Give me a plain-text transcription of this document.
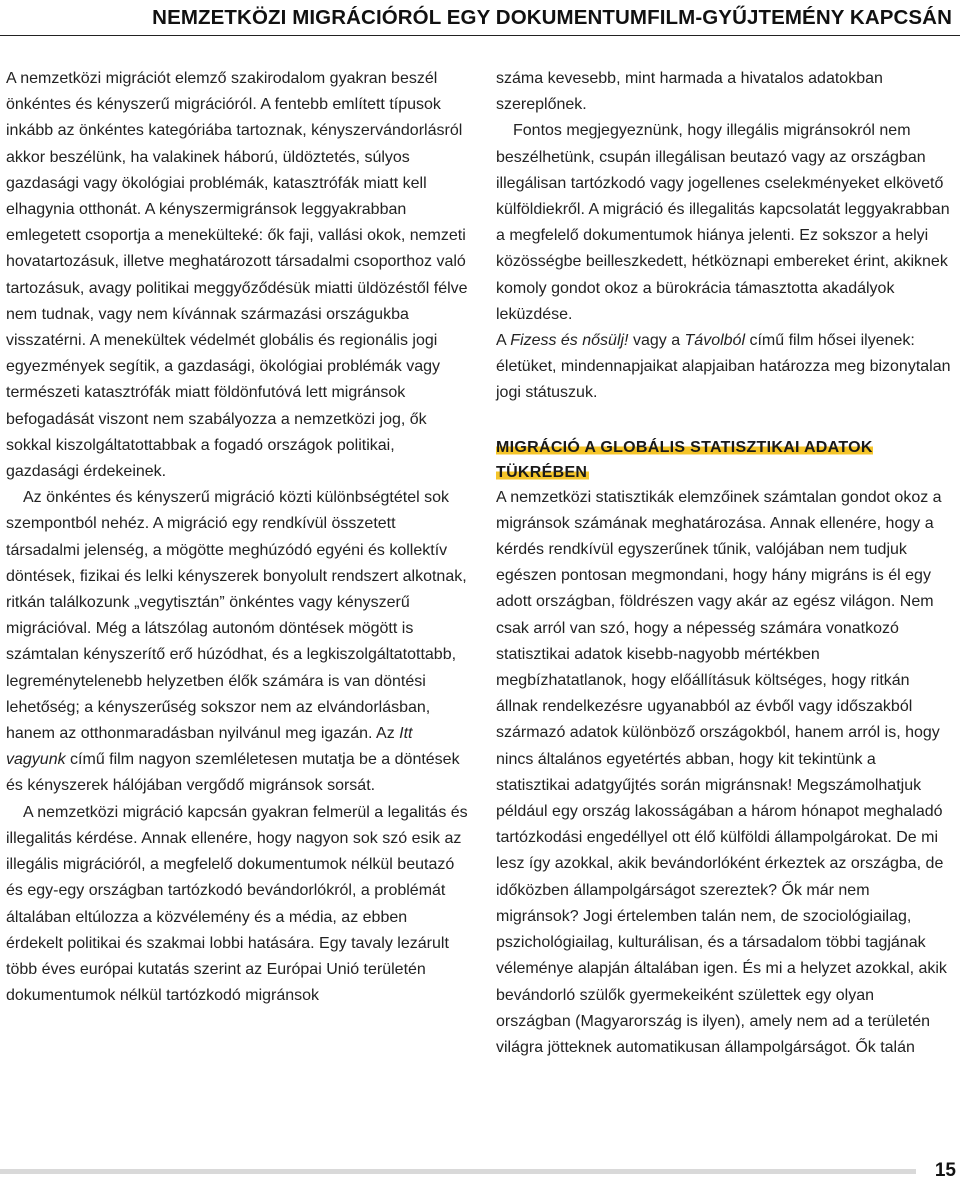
NEMZETKÖZI MIGRÁCIÓRÓL EGY DOKUMENTUMFILM-GYŰJTEMÉNY KAPCSÁN

A nemzetközi migrációt elemző szakirodalom gyakran beszél önkéntes és kényszerű migrációról. A fentebb említett típusok inkább az önkéntes kategóriába tartoznak, kényszervándorlásról akkor beszélünk, ha valakinek háború, üldöztetés, súlyos gazdasági vagy ökológiai problémák, katasztrófák miatt kell elhagynia otthonát. A kényszermigránsok leggyakrabban emlegetett csoportja a menekülteké: ők faji, vallási okok, nemzeti hovatartozásuk, illetve meghatározott társadalmi csoporthoz való tartozásuk, avagy politikai meggyőződésük miatti üldözéstől félve nem tudnak, vagy nem kívánnak származási országukba visszatérni. A menekültek védelmét globális és regionális jogi egyezmények segítik, a gazdasági, ökológiai problémák vagy természeti katasztrófák miatt földönfutóvá lett migránsok befogadását viszont nem szabályozza a nemzetközi jog, ők sokkal kiszolgáltatottabbak a fogadó országok politikai, gazdasági érdekeinek.

Az önkéntes és kényszerű migráció közti különbségtétel sok szempontból nehéz. A migráció egy rendkívül összetett társadalmi jelenség, a mögötte meghúzódó egyéni és kollektív döntések, fizikai és lelki kényszerek bonyolult rendszert alkotnak, ritkán találkozunk „vegytisztán” önkéntes vagy kényszerű migrációval. Még a látszólag autonóm döntések mögött is számtalan kényszerítő erő húzódhat, és a legkiszolgáltatottabb, legreménytelenebb helyzetben élők számára is van döntési lehetőség; a kényszerűség sokszor nem az elvándorlásban, hanem az otthonmaradásban nyilvánul meg igazán. Az Itt vagyunk című film nagyon szemléletesen mutatja be a döntések és kényszerek hálójában vergődő migránsok sorsát.

A nemzetközi migráció kapcsán gyakran felmerül a legalitás és illegalitás kérdése. Annak ellenére, hogy nagyon sok szó esik az illegális migrációról, a megfelelő dokumentumok nélkül beutazó és egy-egy országban tartózkodó bevándorlókról, a problémát általában eltúlozza a közvélemény és a média, az ebben érdekelt politikai és szakmai lobbi hatására. Egy tavaly lezárult több éves európai kutatás szerint az Európai Unió területén dokumentumok nélkül tartózkodó migránsok

száma kevesebb, mint harmada a hivatalos adatokban szereplőnek.

Fontos megjegyeznünk, hogy illegális migránsokról nem beszélhetünk, csupán illegálisan beutazó vagy az országban illegálisan tartózkodó vagy jogellenes cselekményeket elkövető külföldiekről. A migráció és illegalitás kapcsolatát leggyakrabban a megfelelő dokumentumok hiánya jelenti. Ez sokszor a helyi közösségbe beilleszkedett, hétköznapi embereket érint, akiknek komoly gondot okoz a bürokrácia támasztotta akadályok leküzdése.

A Fizess és nősülj! vagy a Távolból című film hősei ilyenek: életüket, mindennapjaikat alapjaiban határozza meg bizonytalan jogi státuszuk.

MIGRÁCIÓ A GLOBÁLIS STATISZTIKAI ADATOK TÜKRÉBEN

A nemzetközi statisztikák elemzőinek számtalan gondot okoz a migránsok számának meghatározása. Annak ellenére, hogy a kérdés rendkívül egyszerűnek tűnik, valójában nem tudjuk egészen pontosan megmondani, hogy hány migráns is él egy adott országban, földrészen vagy akár az egész világon. Nem csak arról van szó, hogy a népesség számára vonatkozó statisztikai adatok kisebb-nagyobb mértékben megbízhatatlanok, hogy előállításuk költséges, hogy ritkán állnak rendelkezésre ugyanabból az évből vagy időszakból származó adatok különböző országokból, hanem arról is, hogy nincs általános egyetértés abban, hogy kit tekintünk a statisztikai adatgyűjtés során migránsnak! Megszámolhatjuk például egy ország lakosságában a három hónapot meghaladó tartózkodási engedéllyel ott élő külföldi állampolgárokat. De mi lesz így azokkal, akik bevándorlóként érkeztek az országba, de időközben állampolgárságot szereztek? Ők már nem migránsok? Jogi értelemben talán nem, de szociológiailag, pszichológiailag, kulturálisan, és a társadalom többi tagjának véleménye alapján általában igen. És mi a helyzet azokkal, akik bevándorló szülők gyermekeiként születtek egy olyan országban (Magyarország is ilyen), amely nem ad a területén világra jötteknek automatikusan állampolgárságot. Ők talán

15
